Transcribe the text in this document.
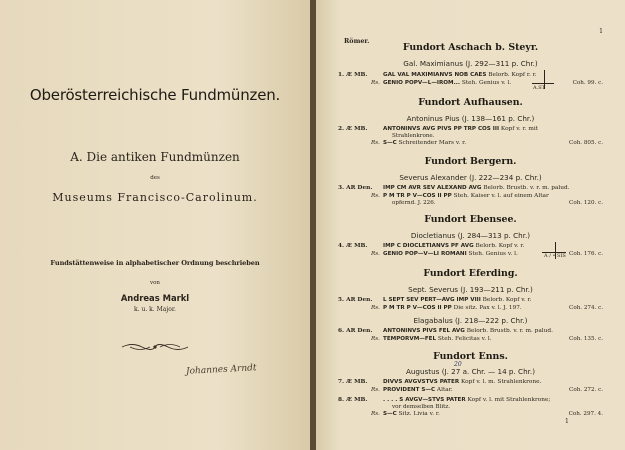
Oberösterreichische Fundmünzen.
A. Die antiken Fundmünzen
des
Museums Francisco-Carolinum.
Fundstättenweise in alphabetischer Ordnung beschrieben
von
Andreas Markl
k. u. k. Major.
Johannes Arndt
1
Römer.
Fundort Aschach b. Steyr.
Gal. Maximianus (J. 292—311 p. Chr.)
1. Æ MB.	GAL VAL MAXIMIANVS NOB CAES Belorb. Kopf r. r.
Rs. GENIO POPV—L—IROM... Steh. Genius v. l.
A.ST
Coh. 99. c.
Fundort Aufhausen.
Antoninus Pius (J. 138—161 p. Chr.)
2. Æ MB.	ANTONINVS AVG PIVS PP TRP COS III Kopf v. r. mit
Strahlenkrone.
Rs. S—C Schreitender Mars v. r.	Coh. 805. c.
Fundort Bergern.
Severus Alexander (J. 222—234 p. Chr.)
3. AR Den. IMP CM AVR SEV ALEXAND AVG Belorb. Brustb. v. r. m. palud.
Rs. P M TR P V—COS II PP Steh. Kaiser v. l. auf einem Altar
opfernd. J. 226.	Coh. 120. c.
Fundort Ebensee.
Diocletianus (J. 284—313 p. Chr.)
4. Æ MB.	IMP C DIOCLETIANVS PF AVG Belorb. Kopf v. r.
Rs. GENIO POP—V—LI ROMANI Steh. Genius v. l.	A / • SIS Coh. 176. c.
Fundort Eferding.
Sept. Severus (J. 193—211 p. Chr.)
5. AR Den. L SEPT SEV PERT—AVG IMP VIII Belorb. Kopf v. r.
Rs. P M TR P V—COS II PP Die sitz. Pax v. l. J. 197.	Coh. 274. c.
Elagabalus (J. 218—222 p. Chr.)
6. AR Den. ANTONINVS PIVS FEL AVG Belorb. Brustb. v. r. m. palud.
Rs. TEMPORVM—FEL Steh. Felicitas v. l.	Coh. 135. c.
Fundort Enns.
20
Augustus (J. 27 a. Chr. — 14 p. Chr.)
7. Æ MB.	DIVVS AVGVSTVS PATER Kopf v. l. m. Strahlenkrone.
Rs. PROVIDENT S—C Altar.	Coh. 272. c.
8. Æ MB.	. . . . S AVGV—STVS PATER Kopf v. l. mit Strahlenkrone;
vor demselben Blitz.
Rs. S—C Sitz. Livia v. r.	Coh. 297. 4.
1
